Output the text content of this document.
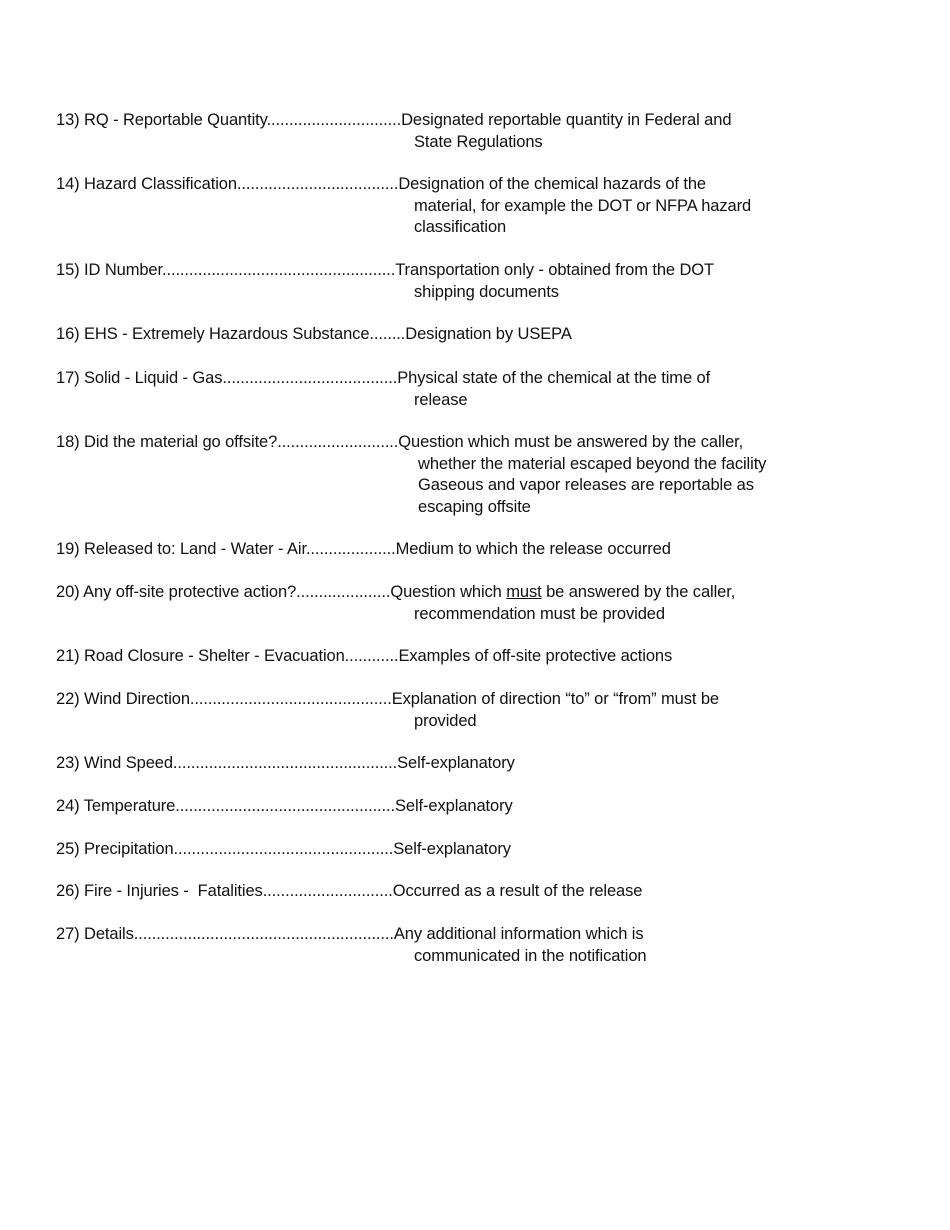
13) RQ - Reportable Quantity..............................Designated reportable quantity in Federal and
State Regulations
14) Hazard Classification....................................Designation of the chemical hazards of the
material, for example the DOT or NFPA hazard
classification
15) ID Number....................................................Transportation only - obtained from the DOT
shipping documents
16) EHS - Extremely Hazardous Substance........Designation by USEPA
17) Solid - Liquid - Gas.......................................Physical state of the chemical at the time of
release
18) Did the material go offsite?...........................Question which must be answered by the caller,
whether the material escaped beyond the facility
Gaseous and vapor releases are reportable as
escaping offsite
19) Released to: Land - Water - Air....................Medium to which the release occurred
20) Any off-site protective action?.....................Question which must be answered by the caller,
recommendation must be provided
21) Road Closure - Shelter - Evacuation............Examples of off-site protective actions
22) Wind Direction.............................................Explanation of direction “to” or “from” must be
provided
23) Wind Speed..................................................Self-explanatory
24) Temperature.................................................Self-explanatory
25) Precipitation.................................................Self-explanatory
26) Fire - Injuries -  Fatalities.............................Occurred as a result of the release
27) Details..........................................................Any additional information which is
communicated in the notification
